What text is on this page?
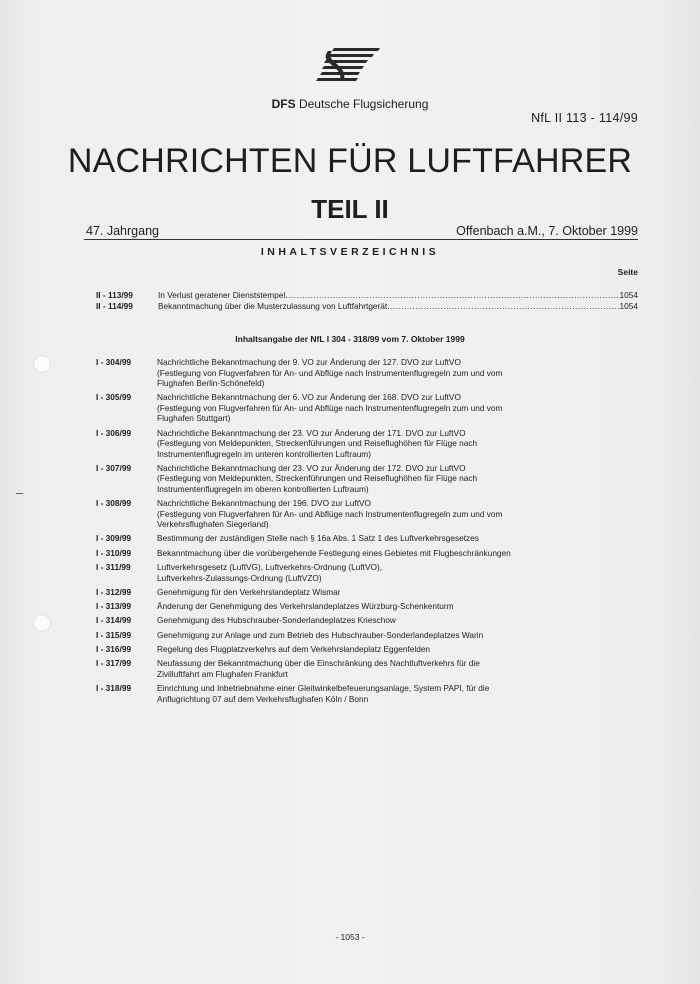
DFS Deutsche Flugsicherung
NfL II 113 - 114/99
NACHRICHTEN FÜR LUFTFAHRER
TEIL II
47. Jahrgang	Offenbach a.M., 7. Oktober 1999
INHALTSVERZEICHNIS
Seite
II - 113/99	In Verlust geratener Dienststempel .....	1054
II - 114/99	Bekanntmachung über die Musterzulassung von Luftfahrtgerät .....	1054
Inhaltsangabe der NfL I 304 - 318/99 vom 7. Oktober 1999
I - 304/99	Nachrichtliche Bekanntmachung der 9. VO zur Änderung der 127. DVO zur LuftVO
(Festlegung von Flugverfahren für An- und Abflüge nach Instrumentenflugregeln zum und vom
Flughafen Berlin-Schönefeld)
I - 305/99	Nachrichtliche Bekanntmachung der 6. VO zur Änderung der 168. DVO zur LuftVO
(Festlegung von Flugverfahren für An- und Abflüge nach Instrumentenflugregeln zum und vom
Flughafen Stuttgart)
I - 306/99	Nachrichtliche Bekanntmachung der 23. VO zur Änderung der 171. DVO zur LuftVO
(Festlegung von Meldepunkten, Streckenführungen und Reiseflughöhen für Flüge nach
Instrumentenflugregeln im unteren kontrollierten Luftraum)
I - 307/99	Nachrichtliche Bekanntmachung der 23. VO zur Änderung der 172. DVO zur LuftVO
(Festlegung von Meldepunkten, Streckenführungen und Reiseflughöhen für Flüge nach
Instrumentenflugregeln im oberen kontrollierten Luftraum)
I - 308/99	Nachrichtliche Bekanntmachung der 196. DVO zur LuftVO
(Festlegung von Flugverfahren für An- und Abflüge nach Instrumentenflugregeln zum und vom
Verkehrsflughafen Siegerland)
I - 309/99	Bestimmung der zuständigen Stelle nach § 16a Abs. 1 Satz 1 des Luftverkehrsgesetzes
I - 310/99	Bekanntmachung über die vorübergehende Festlegung eines Gebietes mit Flugbeschränkungen
I - 311/99	Luftverkehrsgesetz (LuftVG), Luftverkehrs-Ordnung (LuftVO),
Luftverkehrs-Zulassungs-Ordnung (LuftVZO)
I - 312/99	Genehmigung für den Verkehrslandeplatz Wismar
I - 313/99	Änderung der Genehmigung des Verkehrslandeplatzes Würzburg-Schenkenturm
I - 314/99	Genehmigung des Hubschrauber-Sonderlandeplatzes Krieschow
I - 315/99	Genehmigung zur Anlage und zum Betrieb des Hubschrauber-Sonderlandeplatzes Warin
I - 316/99	Regelung des Flugplatzverkehrs auf dem Verkehrslandeplatz Eggenfelden
I - 317/99	Neufassung der Bekanntmachung über die Einschränkung des Nachtluftverkehrs für die
Zivilluftfahrt am Flughafen Frankfurt
I - 318/99	Einrichtung und Inbetriebnahme einer Gleitwinkelbefeuerungsanlage, System PAPI, für die
Anflugrichtung 07 auf dem Verkehrsflughafen Köln / Bonn
- 1053 -
